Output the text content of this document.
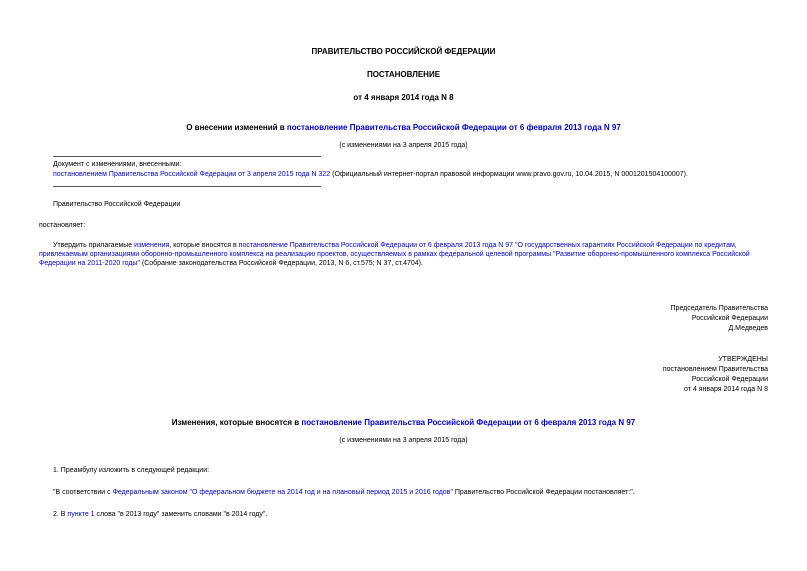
ПРАВИТЕЛЬСТВО РОССИЙСКОЙ ФЕДЕРАЦИИ
ПОСТАНОВЛЕНИЕ
от 4 января 2014 года N 8
О внесении изменений в постановление Правительства Российской Федерации от 6 февраля 2013 года N 97
(с изменениями на 3 апреля 2015 года)
Документ с изменениями, внесенными:
постановлением Правительства Российской Федерации от 3 апреля 2015 года N 322 (Официальный интернет-портал правовой информации www.pravo.gov.ru, 10.04.2015, N 0001201504100007).
Правительство Российской Федерации
постановляет:
Утвердить прилагаемые изменения, которые вносятся в постановление Правительства Российской Федерации от 6 февраля 2013 года N 97 "О государственных гарантиях Российской Федерации по кредитам, привлекаемым организациями оборонно-промышленного комплекса на реализацию проектов, осуществляемых в рамках федеральной целевой программы "Развитие оборонно-промышленного комплекса Российской Федерации на 2011-2020 годы" (Собрание законодательства Российской Федерации, 2013, N 6, ст.575; N 37, ст.4704).
Председатель Правительства
Российской Федерации
Д.Медведев
УТВЕРЖДЕНЫ
постановлением Правительства
Российской Федерации
от 4 января 2014 года N 8
Изменения, которые вносятся в постановление Правительства Российской Федерации от 6 февраля 2013 года N 97
(с изменениями на 3 апреля 2015 года)
1. Преамбулу изложить в следующей редакции:
"В соответствии с Федеральным законом "О федеральном бюджете на 2014 год и на плановый период 2015 и 2016 годов" Правительство Российской Федерации постановляет:".
2. В пункте 1 слова "в 2013 году" заменить словами "в 2014 году".
